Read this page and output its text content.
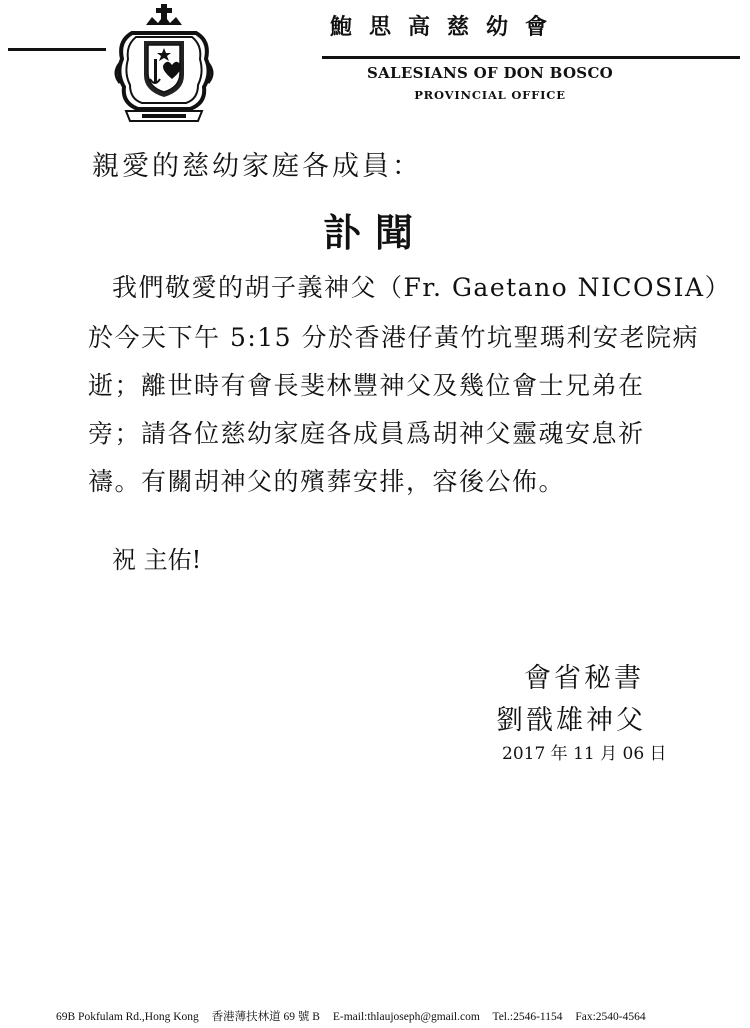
鮑思高慈幼會
SALESIANS OF DON BOSCO
PROVINCIAL OFFICE
親愛的慈幼家庭各成員：
訃聞
我們敬愛的胡子義神父（Fr. Gaetano NICOSIA）
於今天下午 5:15 分於香港仔黃竹坑聖瑪利安老院病
逝；離世時有會長斐林豐神父及幾位會士兄弟在
旁；請各位慈幼家庭各成員爲胡神父靈魂安息祈
禱。有關胡神父的殯葬安排，容後公佈。
祝 主佑!
會省秘書
劉戩雄神父
2017 年 11 月 06 日
69B Pokfulam Rd.,Hong Kong 香港薄扶林道 69 號 B E-mail:thlaujoseph@gmail.com Tel.:2546-1154 Fax:2540-4564
